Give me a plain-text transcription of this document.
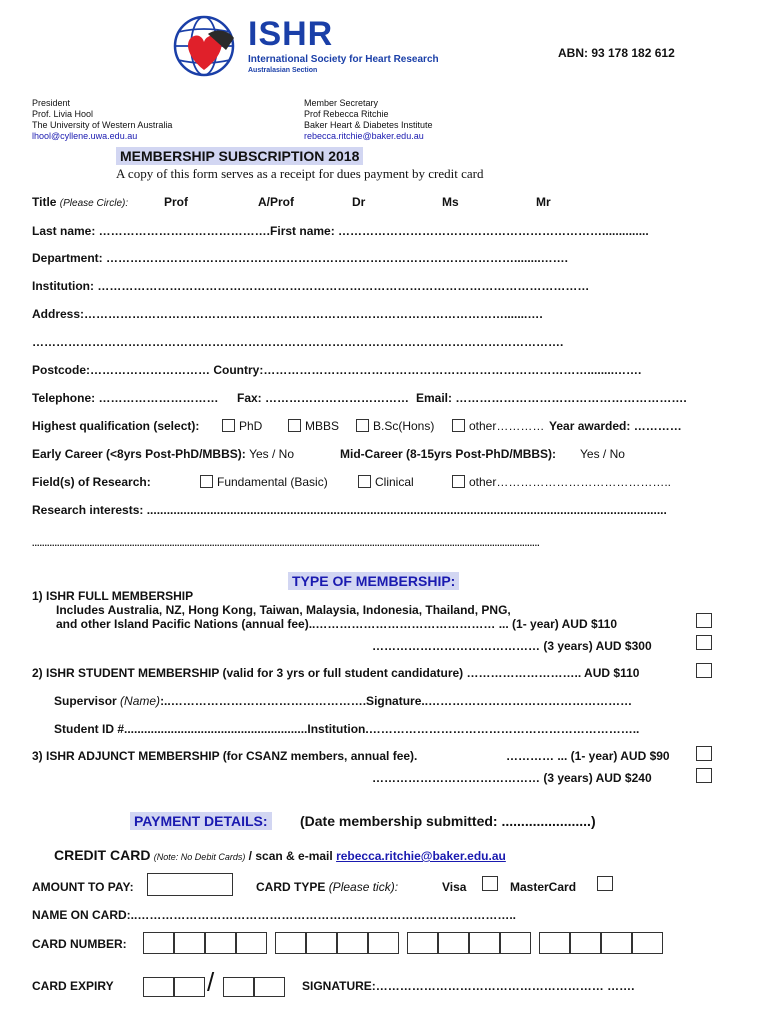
ISHR
International Society for Heart Research
Australasian Section
ABN: 93 178 182 612
President
Prof. Livia Hool
The University of Western Australia
lhool@cyllene.uwa.edu.au
Member Secretary
Prof Rebecca Ritchie
Baker Heart & Diabetes Institute
rebecca.ritchie@baker.edu.au
MEMBERSHIP SUBSCRIPTION 2018
A copy of this form serves as a receipt for dues payment by credit card
Title (Please Circle):	Prof	A/Prof	Dr	Ms	Mr
Last name: …………………………………….First name: …………………………………………………………..............
Department: …………………………………………………………………………………………........…….
Institution: ……………………………………………………………………………………………………………
Address:…………………………………………………………………………………………….......….
…………………………………………………………………………………………………………………….
Postcode:………………………… Country:………………………………………………………………………........…….
Telephone: ………………………… Fax: ……………………………… Email: ………………………………………………….
Highest qualification (select):	PhD	MBBS	B.Sc(Hons)	other………… Year awarded: …………
Early Career (<8yrs Post-PhD/MBBS): Yes / No	Mid-Career (8-15yrs Post-PhD/MBBS): Yes / No
Field(s) of Research:	Fundamental (Basic)	Clinical	other……………………………………..
Research interests: ............................................................................................................................................................
...........................................................................................................................................................................................................
TYPE OF MEMBERSHIP:
1) ISHR FULL MEMBERSHIP
Includes Australia, NZ, Hong Kong, Taiwan, Malaysia, Indonesia, Thailand, PNG,
and other Island Pacific Nations (annual fee)..……………………………………… ... (1- year) AUD $110
…………………………………… (3 years) AUD $300
2) ISHR STUDENT MEMBERSHIP (valid for 3 yrs or full student candidature) ……………………….. AUD $110
Supervisor (Name):..………………………………………….Signature..……………………………………………
Student ID #.......................................................Institution.…………………………………………………………..
3) ISHR ADJUNCT MEMBERSHIP (for CSANZ members, annual fee).	………… ... (1- year) AUD $90
…………………………………… (3 years) AUD $240
PAYMENT DETAILS: (Date membership submitted: .......................)
CREDIT CARD (Note: No Debit Cards) / scan & e-mail rebecca.ritchie@baker.edu.au
AMOUNT TO PAY:	CARD TYPE (Please tick):	Visa	MasterCard
NAME ON CARD:..…………………………………………………………………………………..
CARD NUMBER:
CARD EXPIRY	/	SIGNATURE:………………………………………………… …….
